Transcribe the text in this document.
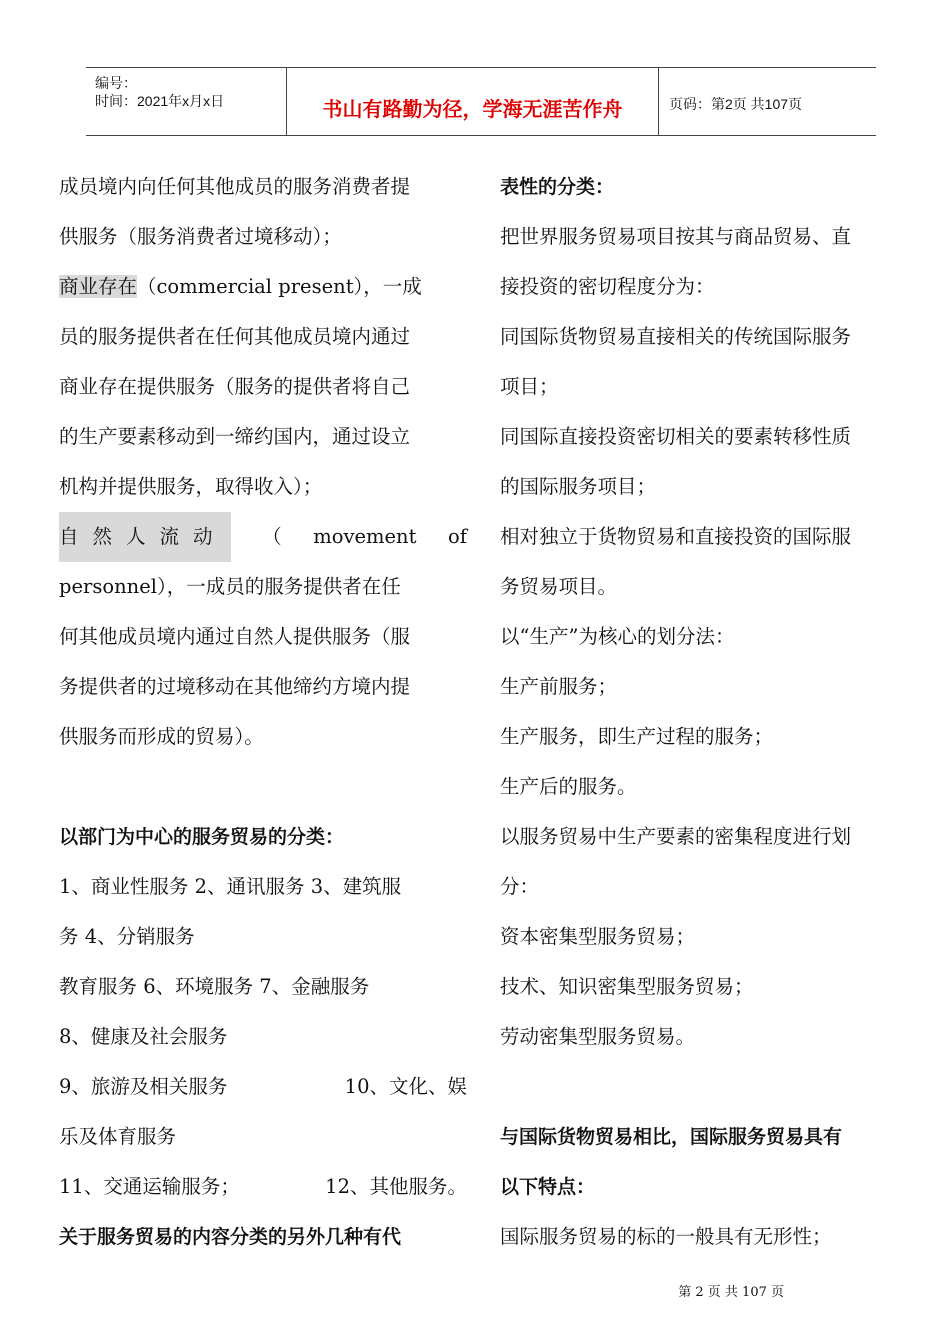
编号：
时间：2021年x月x日	书山有路勤为径，学海无涯苦作舟	页码：第2页 共107页
成员境内向任何其他成员的服务消费者提
供服务（服务消费者过境移动）；
商业存在（commercial present），一成
员的服务提供者在任何其他成员境内通过
商业存在提供服务（服务的提供者将自己
的生产要素移动到一缔约国内，通过设立
机构并提供服务，取得收入）；
自然人流动 （ movement of
personnel），一成员的服务提供者在任
何其他成员境内通过自然人提供服务（服
务提供者的过境移动在其他缔约方境内提
供服务而形成的贸易）。
以部门为中心的服务贸易的分类：
1、商业性服务 2、通讯服务 3、建筑服
务 4、分销服务
教育服务 6、环境服务 7、金融服务
8、健康及社会服务
9、旅游及相关服务	10、文化、娱
乐及体育服务
11、交通运输服务；	12、其他服务。
关于服务贸易的内容分类的另外几种有代
表性的分类：
把世界服务贸易项目按其与商品贸易、直
接投资的密切程度分为：
同国际货物贸易直接相关的传统国际服务
项目；
同国际直接投资密切相关的要素转移性质
的国际服务项目；
相对独立于货物贸易和直接投资的国际服
务贸易项目。
以“生产”为核心的划分法：
生产前服务；
生产服务，即生产过程的服务；
生产后的服务。
以服务贸易中生产要素的密集程度进行划
分：
资本密集型服务贸易；
技术、知识密集型服务贸易；
劳动密集型服务贸易。
与国际货物贸易相比，国际服务贸易具有
以下特点：
国际服务贸易的标的一般具有无形性；
第 2 页 共 107 页
